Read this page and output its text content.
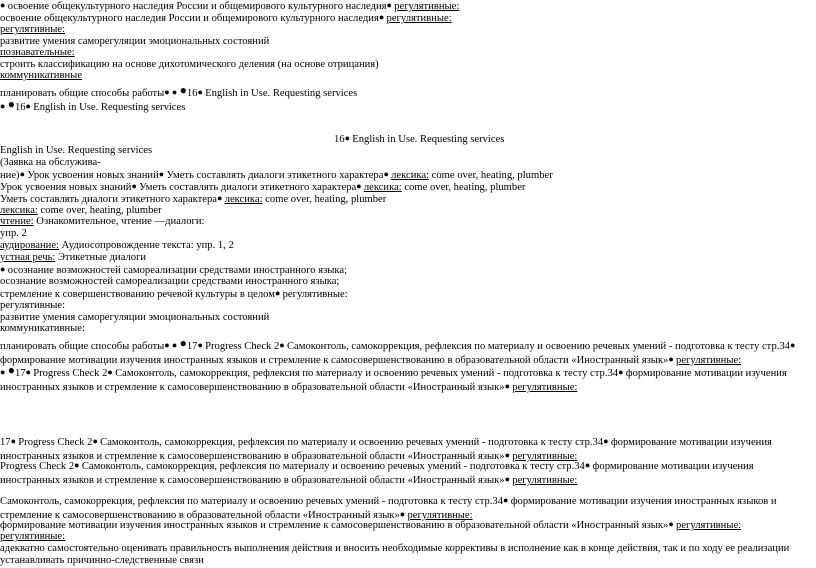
● освоение общекультурного наследия России и общемирового культурного наследия● регулятивные:
освоение общекультурного наследия России и общемирового культурного наследия● регулятивные:
регулятивные:
развитие умения саморегуляции эмоциональных состояний
познавательные:
строить классификацию на основе дихотомического деления (на основе отрицания)
коммуникативные
планировать общие способы работы● ● ●16● English in Use. Requesting services
● ●16● English in Use. Requesting services
16● English in Use. Requesting services
English in Use. Requesting services
(Заявка на обслужива-
ние)● Урок усвоения новых знаний● Уметь составлять диалоги этикетного характера● лексика: come over, heating, plumber
Урок усвоения новых знаний● Уметь составлять диалоги этикетного характера● лексика: come over, heating, plumber
Уметь составлять диалоги этикетного характера● лексика: come over, heating, plumber
лексика: come over, heating, plumber
чтение: Ознакомительное, чтение —диалоги:
упр. 2
аудирование: Аудиосопровождение текста: упр. 1, 2
устная речь: Этикетные диалоги
● осознание возможностей самореализации средствами иностранного языка;
осознание возможностей самореализации средствами иностранного языка;
стремление к совершенствованию речевой культуры в целом● регулятивные:
регулятивные:
развитие умения саморегуляции эмоциональных состояний
коммуникативные:
планировать общие способы работы● ● ●17● Progress Check 2● Самоконтоль, самокоррекция, рефлексия по материалу и освоению речевых умений - подготовка к тесту стр.34● формирование мотивации изучения иностранных языков и стремление к самосовершенствованию в образовательной области «Иностранный язык»● регулятивные:
● ●17● Progress Check 2● Самоконтоль, самокоррекция, рефлексия по материалу и освоению речевых умений - подготовка к тесту стр.34● формирование мотивации изучения иностранных языков и стремление к самосовершенствованию в образовательной области «Иностранный язык»● регулятивные:
17● Progress Check 2● Самоконтоль, самокоррекция, рефлексия по материалу и освоению речевых умений - подготовка к тесту стр.34● формирование мотивации изучения иностранных языков и стремление к самосовершенствованию в образовательной области «Иностранный язык»● регулятивные:
Progress Check 2● Самоконтоль, самокоррекция, рефлексия по материалу и освоению речевых умений - подготовка к тесту стр.34● формирование мотивации изучения иностранных языков и стремление к самосовершенствованию в образовательной области «Иностранный язык»● регулятивные:
Самоконтоль, самокоррекция, рефлексия по материалу и освоению речевых умений - подготовка к тесту стр.34● формирование мотивации изучения иностранных языков и стремление к самосовершенствованию в образовательной области «Иностранный язык»● регулятивные:
формирование мотивации изучения иностранных языков и стремление к самосовершенствованию в образовательной области «Иностранный язык»● регулятивные:
регулятивные:
адекватно самостоятельно оценивать правильность выполнения действия и вносить необходимые коррективы в исполнение как в конце действия, так и по ходу ее реализации
устанавливать причинно-следственные связи
